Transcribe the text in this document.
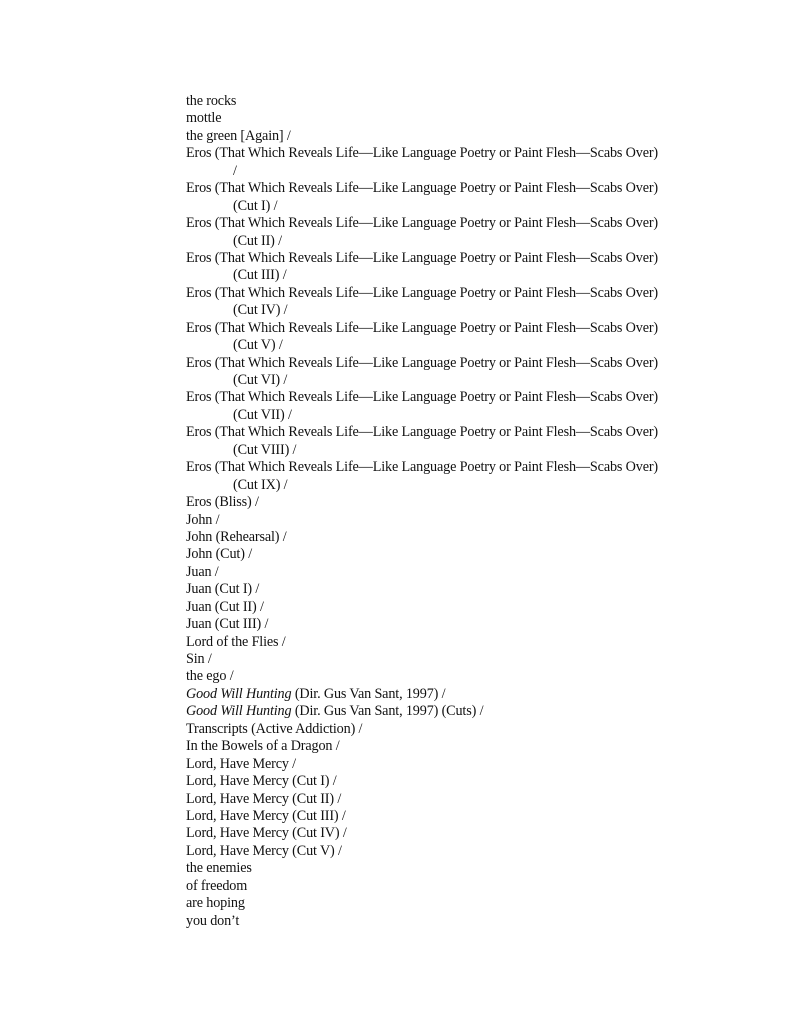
the rocks
mottle
the green [Again] /
Eros (That Which Reveals Life—Like Language Poetry or Paint Flesh—Scabs Over)
/
Eros (That Which Reveals Life—Like Language Poetry or Paint Flesh—Scabs Over)
(Cut I) /
Eros (That Which Reveals Life—Like Language Poetry or Paint Flesh—Scabs Over)
(Cut II) /
Eros (That Which Reveals Life—Like Language Poetry or Paint Flesh—Scabs Over)
(Cut III) /
Eros (That Which Reveals Life—Like Language Poetry or Paint Flesh—Scabs Over)
(Cut IV) /
Eros (That Which Reveals Life—Like Language Poetry or Paint Flesh—Scabs Over)
(Cut V) /
Eros (That Which Reveals Life—Like Language Poetry or Paint Flesh—Scabs Over)
(Cut VI) /
Eros (That Which Reveals Life—Like Language Poetry or Paint Flesh—Scabs Over)
(Cut VII) /
Eros (That Which Reveals Life—Like Language Poetry or Paint Flesh—Scabs Over)
(Cut VIII) /
Eros (That Which Reveals Life—Like Language Poetry or Paint Flesh—Scabs Over)
(Cut IX) /
Eros (Bliss) /
John /
John (Rehearsal) /
John (Cut) /
Juan /
Juan (Cut I) /
Juan (Cut II) /
Juan (Cut III) /
Lord of the Flies /
Sin /
the ego /
Good Will Hunting (Dir. Gus Van Sant, 1997) /
Good Will Hunting (Dir. Gus Van Sant, 1997) (Cuts) /
Transcripts (Active Addiction) /
In the Bowels of a Dragon /
Lord, Have Mercy /
Lord, Have Mercy (Cut I) /
Lord, Have Mercy (Cut II) /
Lord, Have Mercy (Cut III) /
Lord, Have Mercy (Cut IV) /
Lord, Have Mercy (Cut V) /
the enemies
of freedom
are hoping
you don’t
